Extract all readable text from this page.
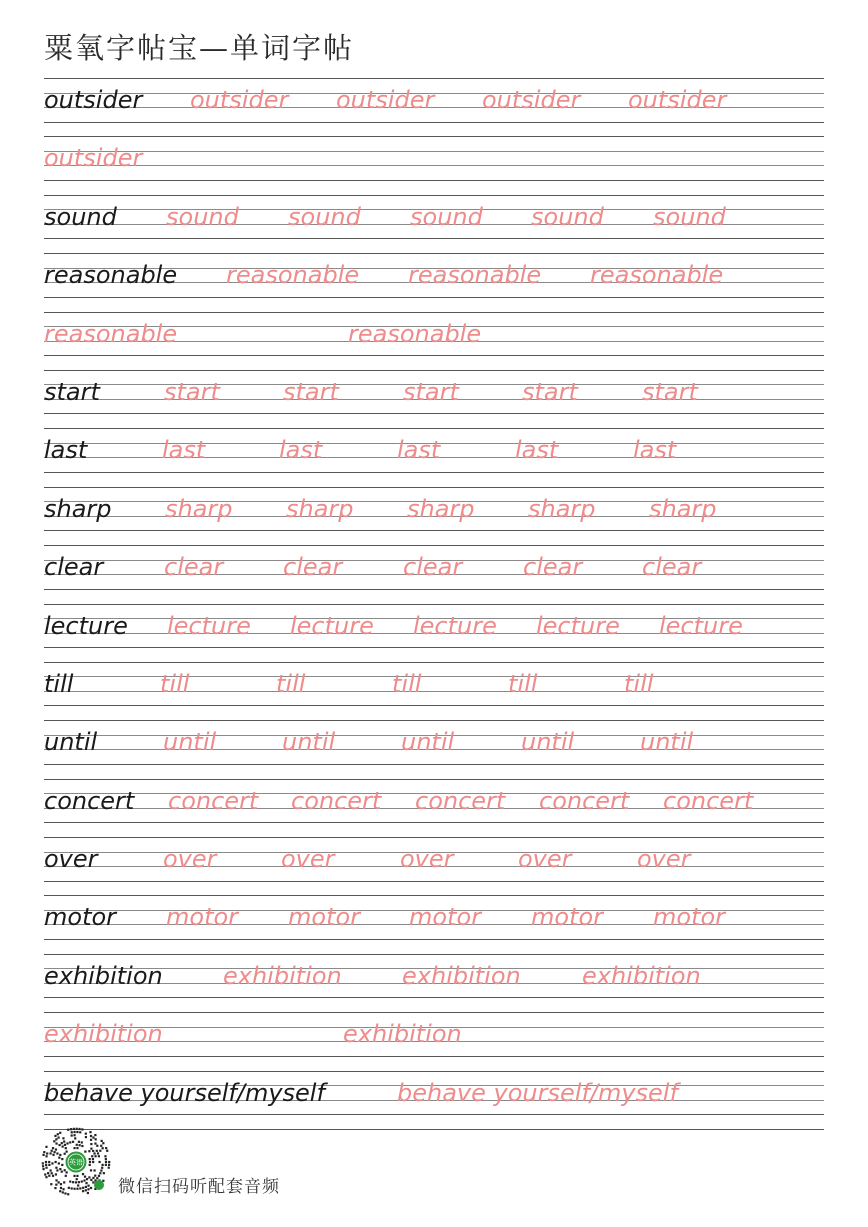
粟氧字帖宝—单词字帖
outsider outsider outsider outsider outsider
outsider
sound sound sound sound sound sound
reasonable reasonable reasonable reasonable
reasonable	reasonable
start	start	start	start	start	start
last	last	last	last	last	last
sharp sharp sharp sharp sharp sharp
clear	clear clear	clear	clear clear
lecture lecture lecture lecture lecture lecture
till	till	till	till	till	till
until	until	until	until	until	until
concert concert concert concert concert concert
over	over	over	over	over	over
motor motor motor motor motor motor
exhibition	exhibition	exhibition	exhibition
exhibition	exhibition
behave yourself/myself	behave yourself/myself
英语
微信扫码听配套音频
